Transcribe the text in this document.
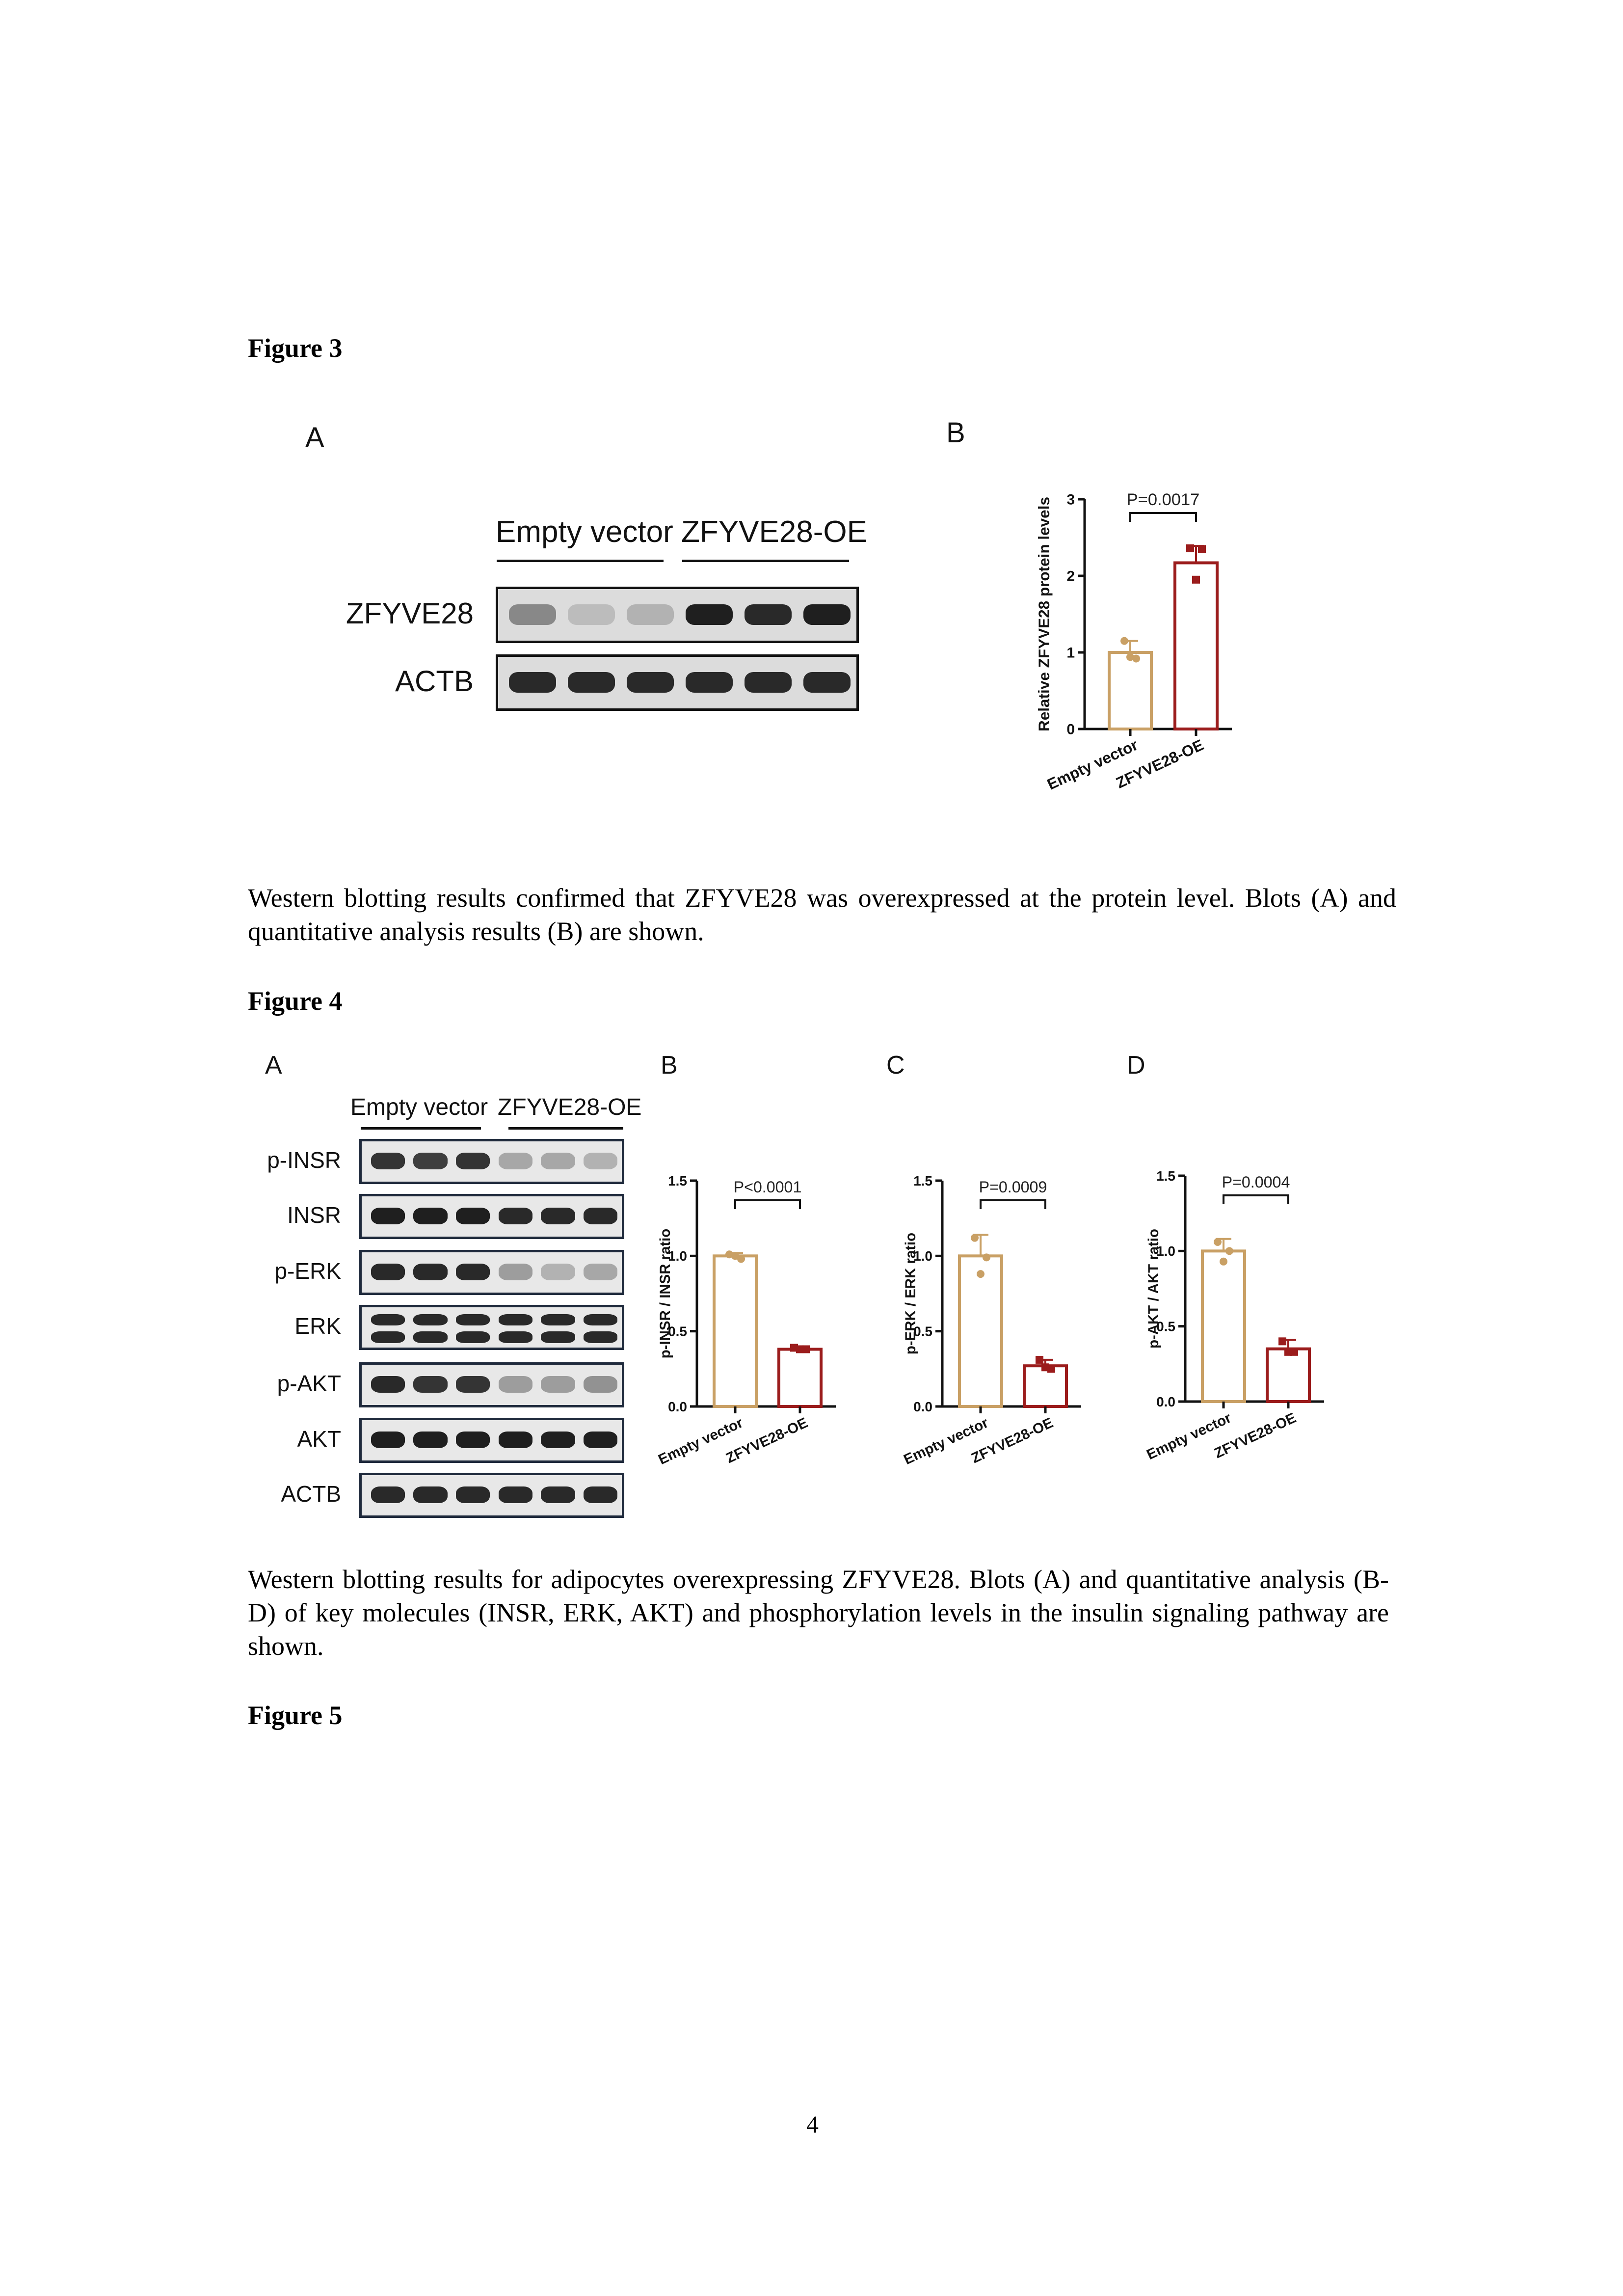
Figure 3
A	B
Empty vector ZFYVE28-OE
ZFYVE28
ACTB
0
1
2
3
Relative ZFYVE28 protein levels
Empty vector
ZFYVE28-OE
P=0.0017
Western blotting results confirmed that ZFYVE28 was overexpressed at the protein level. Blots (A) and quantitative analysis results (B) are shown.
Figure 4
A	B	C	D
Empty vector ZFYVE28-OE
p-INSR
INSR
p-ERK
ERK
p-AKT
AKT
ACTB
0.0
0.5
1.0
1.5
p-INSR / INSR ratio
Empty vector
ZFYVE28-OE
P<0.0001
0.0
0.5
1.0
1.5
p-ERK / ERK ratio
Empty vector
ZFYVE28-OE
P=0.0009
0.0
0.5
1.0
1.5
p-AKT / AKT ratio
Empty vector
ZFYVE28-OE
P=0.0004
Western blotting results for adipocytes overexpressing ZFYVE28. Blots (A) and quantitative analysis (B-D) of key molecules (INSR, ERK, AKT) and phosphorylation levels in the insulin signaling pathway are shown.
Figure 5
4
